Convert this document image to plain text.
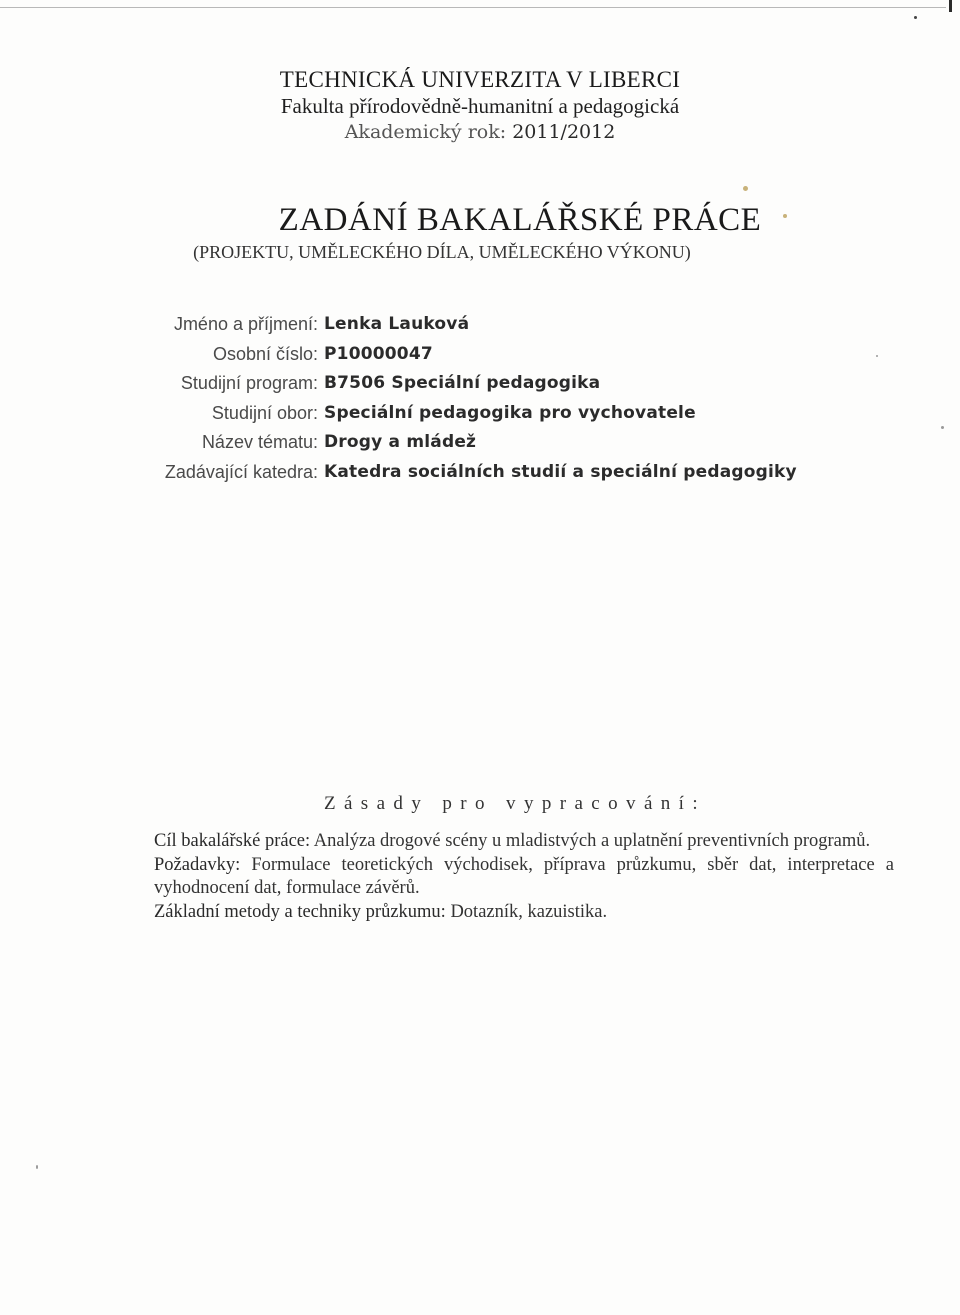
TECHNICKÁ UNIVERZITA V LIBERCI
Fakulta přírodovědně-humanitní a pedagogická
Akademický rok: 2011/2012
ZADÁNÍ BAKALÁŘSKÉ PRÁCE
(PROJEKTU, UMĚLECKÉHO DÍLA, UMĚLECKÉHO VÝKONU)
Jméno a příjmení: Lenka Lauková
Osobní číslo: P10000047
Studijní program: B7506 Speciální pedagogika
Studijní obor: Speciální pedagogika pro vychovatele
Název tématu: Drogy a mládež
Zadávající katedra: Katedra sociálních studií a speciální pedagogiky
Zásady pro vypracování:

Cíl bakalářské práce: Analýza drogové scény u mladistvých a uplatnění preventivních programů.

Požadavky: Formulace teoretických východisek, příprava průzkumu, sběr dat, interpretace a vyhodnocení dat, formulace závěrů.

Základní metody a techniky průzkumu: Dotazník, kazuistika.
